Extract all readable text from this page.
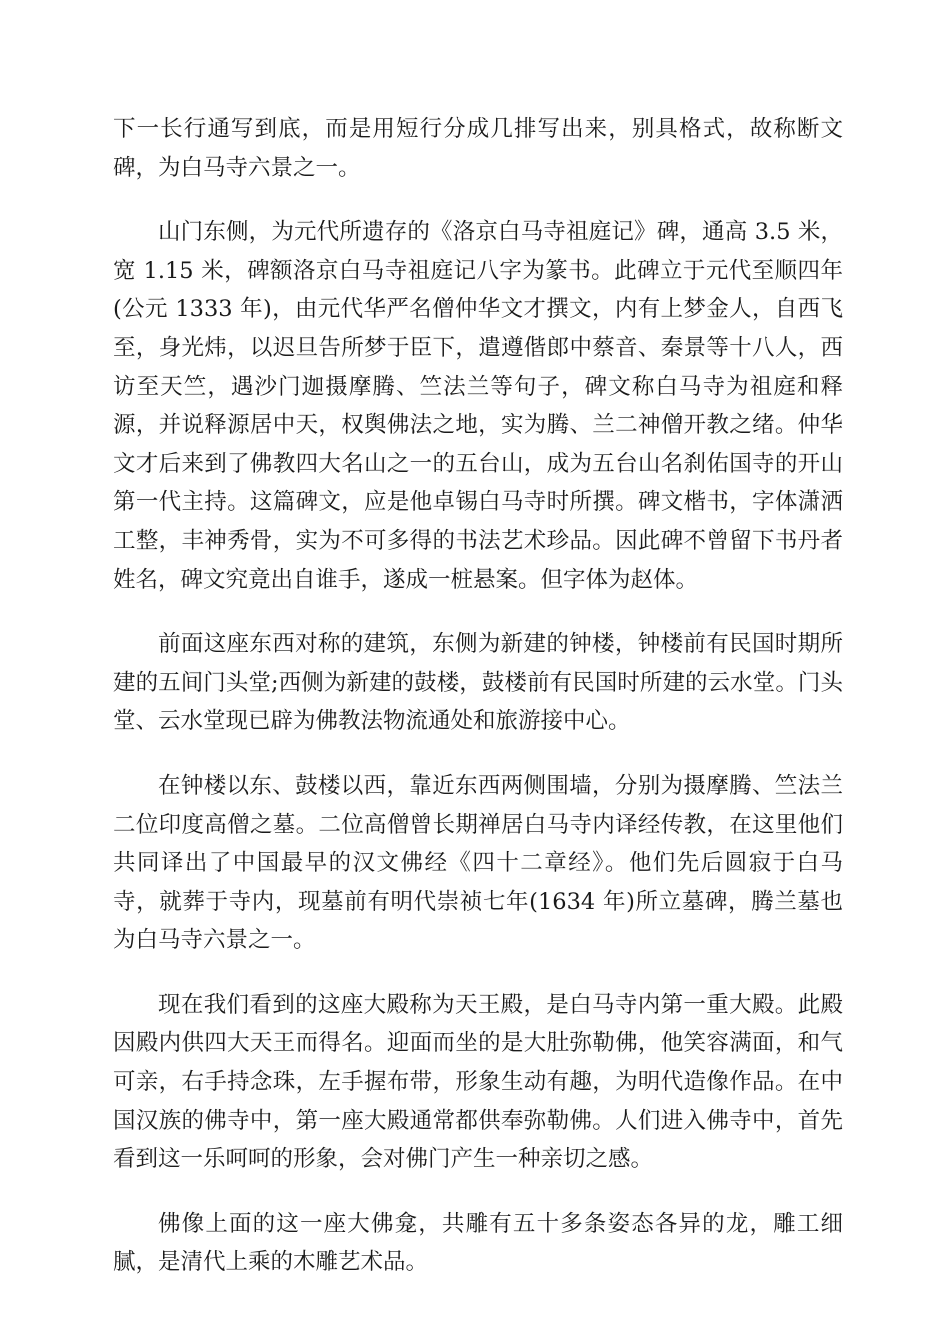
下一长行通写到底，而是用短行分成几排写出来，别具格式，故称断文碑，为白马寺六景之一。

山门东侧，为元代所遗存的《洛京白马寺祖庭记》碑，通高 3.5 米，宽 1.15 米，碑额洛京白马寺祖庭记八字为篆书。此碑立于元代至顺四年(公元 1333 年)，由元代华严名僧仲华文才撰文，内有上梦金人，自西飞至，身光炜，以迟旦告所梦于臣下，遣遵偕郎中蔡音、秦景等十八人，西访至天竺，遇沙门迦摄摩腾、竺法兰等句子，碑文称白马寺为祖庭和释源，并说释源居中天，权舆佛法之地，实为腾、兰二神僧开教之绪。仲华文才后来到了佛教四大名山之一的五台山，成为五台山名刹佑国寺的开山第一代主持。这篇碑文，应是他卓锡白马寺时所撰。碑文楷书，字体潇洒工整，丰神秀骨，实为不可多得的书法艺术珍品。因此碑不曾留下书丹者姓名，碑文究竟出自谁手，遂成一桩悬案。但字体为赵体。

前面这座东西对称的建筑，东侧为新建的钟楼，钟楼前有民国时期所建的五间门头堂;西侧为新建的鼓楼，鼓楼前有民国时所建的云水堂。门头堂、云水堂现已辟为佛教法物流通处和旅游接中心。

在钟楼以东、鼓楼以西，靠近东西两侧围墙，分别为摄摩腾、竺法兰二位印度高僧之墓。二位高僧曾长期禅居白马寺内译经传教，在这里他们共同译出了中国最早的汉文佛经《四十二章经》。他们先后圆寂于白马寺，就葬于寺内，现墓前有明代崇祯七年(1634 年)所立墓碑，腾兰墓也为白马寺六景之一。

现在我们看到的这座大殿称为天王殿，是白马寺内第一重大殿。此殿因殿内供四大天王而得名。迎面而坐的是大肚弥勒佛，他笑容满面，和气可亲，右手持念珠，左手握布带，形象生动有趣，为明代造像作品。在中国汉族的佛寺中，第一座大殿通常都供奉弥勒佛。人们进入佛寺中，首先看到这一乐呵呵的形象，会对佛门产生一种亲切之感。

佛像上面的这一座大佛龛，共雕有五十多条姿态各异的龙，雕工细腻，是清代上乘的木雕艺术品。
